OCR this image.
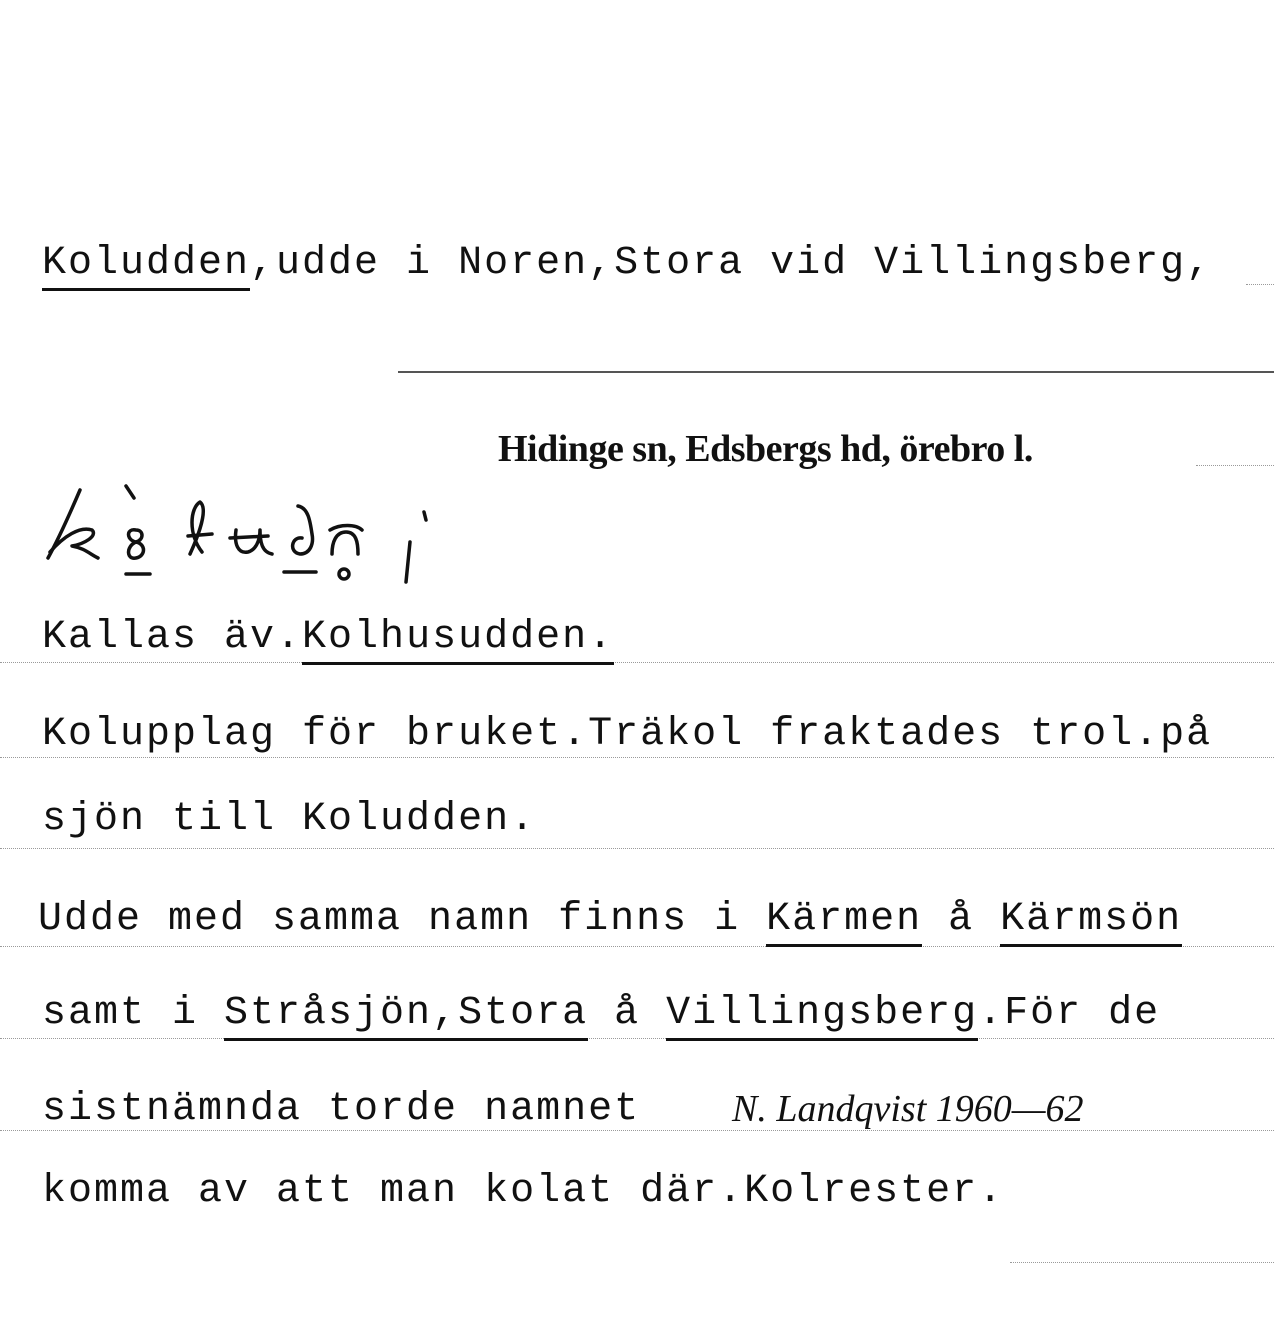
Koludden,udde i Noren,Stora vid Villingsberg,
Hidinge sn, Edsbergs hd, örebro l.
Kallas äv.Kolhusudden.
Kolupplag för bruket.Träkol fraktades trol.på
sjön till Koludden.
Udde med samma namn finns i Kärmen å Kärmsön
samt i Stråsjön,Stora å Villingsberg.För de
sistnämnda torde namnet N. Landqvist 1960—62
komma av att man kolat där.Kolrester.
